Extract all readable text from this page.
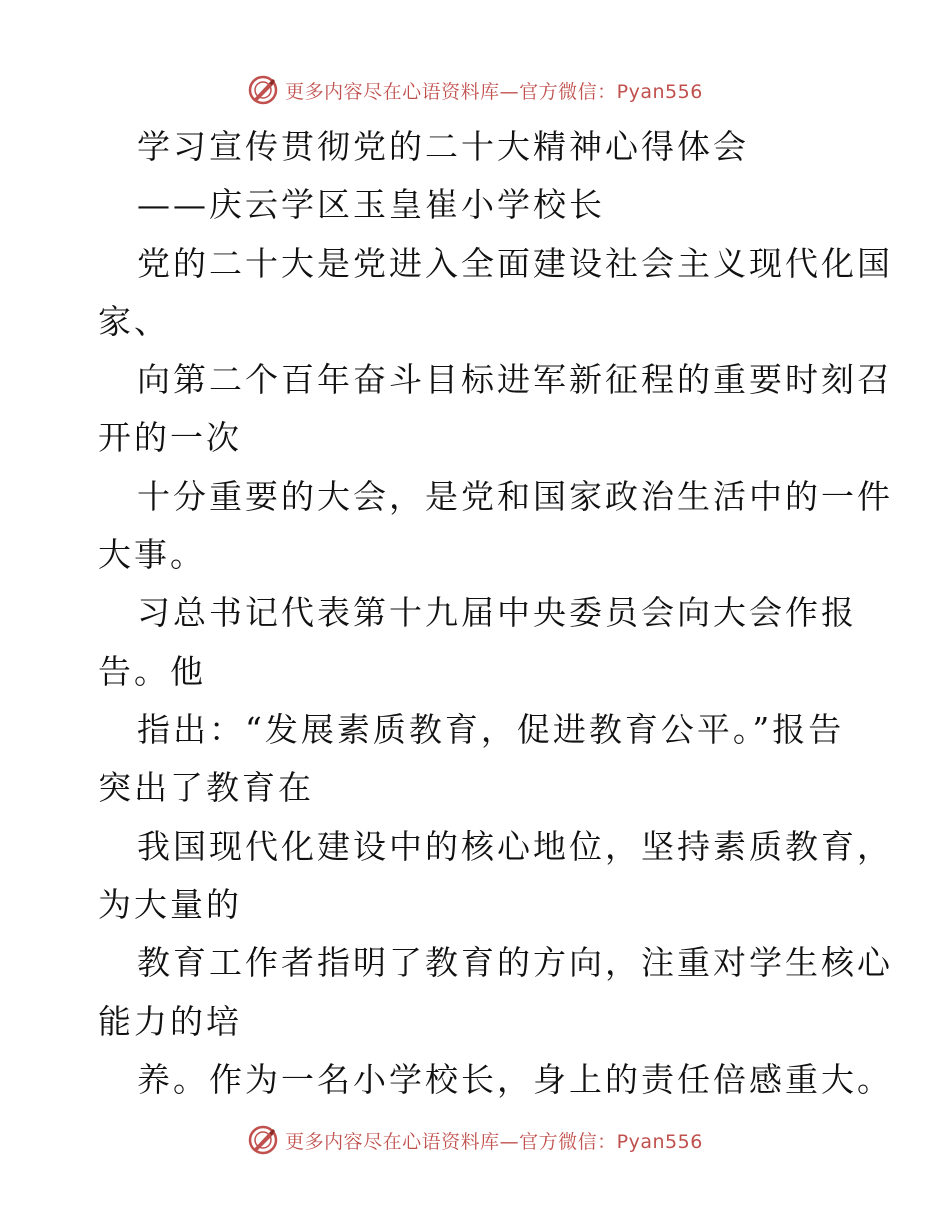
更多内容尽在心语资料库—官方微信：Pyan556
学习宣传贯彻党的二十大精神心得体会
——庆云学区玉皇崔小学校长
党的二十大是党进入全面建设社会主义现代化国
家、
向第二个百年奋斗目标进军新征程的重要时刻召
开的一次
十分重要的大会，是党和国家政治生活中的一件
大事。
习总书记代表第十九届中央委员会向大会作报
告。他
指出：“发展素质教育，促进教育公平。”报告
突出了教育在
我国现代化建设中的核心地位，坚持素质教育，
为大量的
教育工作者指明了教育的方向，注重对学生核心
能力的培
养。作为一名小学校长，身上的责任倍感重大。
更多内容尽在心语资料库—官方微信：Pyan556
